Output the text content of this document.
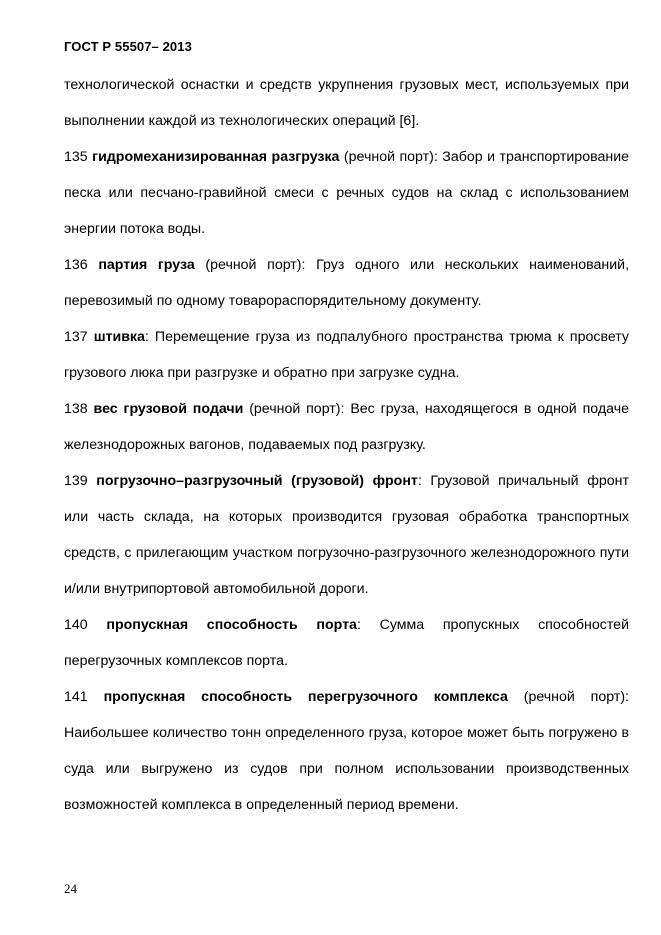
ГОСТ Р 55507– 2013

технологической оснастки и средств укрупнения грузовых мест, используемых при выполнении каждой из технологических операций [6].

135 гидромеханизированная разгрузка (речной порт): Забор и транспортирование песка или песчано-гравийной смеси с речных судов на склад с использованием энергии потока воды.

136 партия груза (речной порт): Груз одного или нескольких наименований, перевозимый по одному товарораспорядительному документу.

137 штивка: Перемещение груза из подпалубного пространства трюма к просвету грузового люка при разгрузке и обратно при загрузке судна.

138 вес грузовой подачи (речной порт): Вес груза, находящегося в одной подаче железнодорожных вагонов, подаваемых под разгрузку.

139 погрузочно–разгрузочный (грузовой) фронт: Грузовой причальный фронт или часть склада, на которых производится грузовая обработка транспортных средств, с прилегающим участком погрузочно-разгрузочного железнодорожного пути и/или внутрипортовой автомобильной дороги.

140 пропускная способность порта: Сумма пропускных способностей перегрузочных комплексов порта.

141 пропускная способность перегрузочного комплекса (речной порт): Наибольшее количество тонн определенного груза, которое может быть погружено в суда или выгружено из судов при полном использовании производственных возможностей комплекса в определенный период времени.

24
